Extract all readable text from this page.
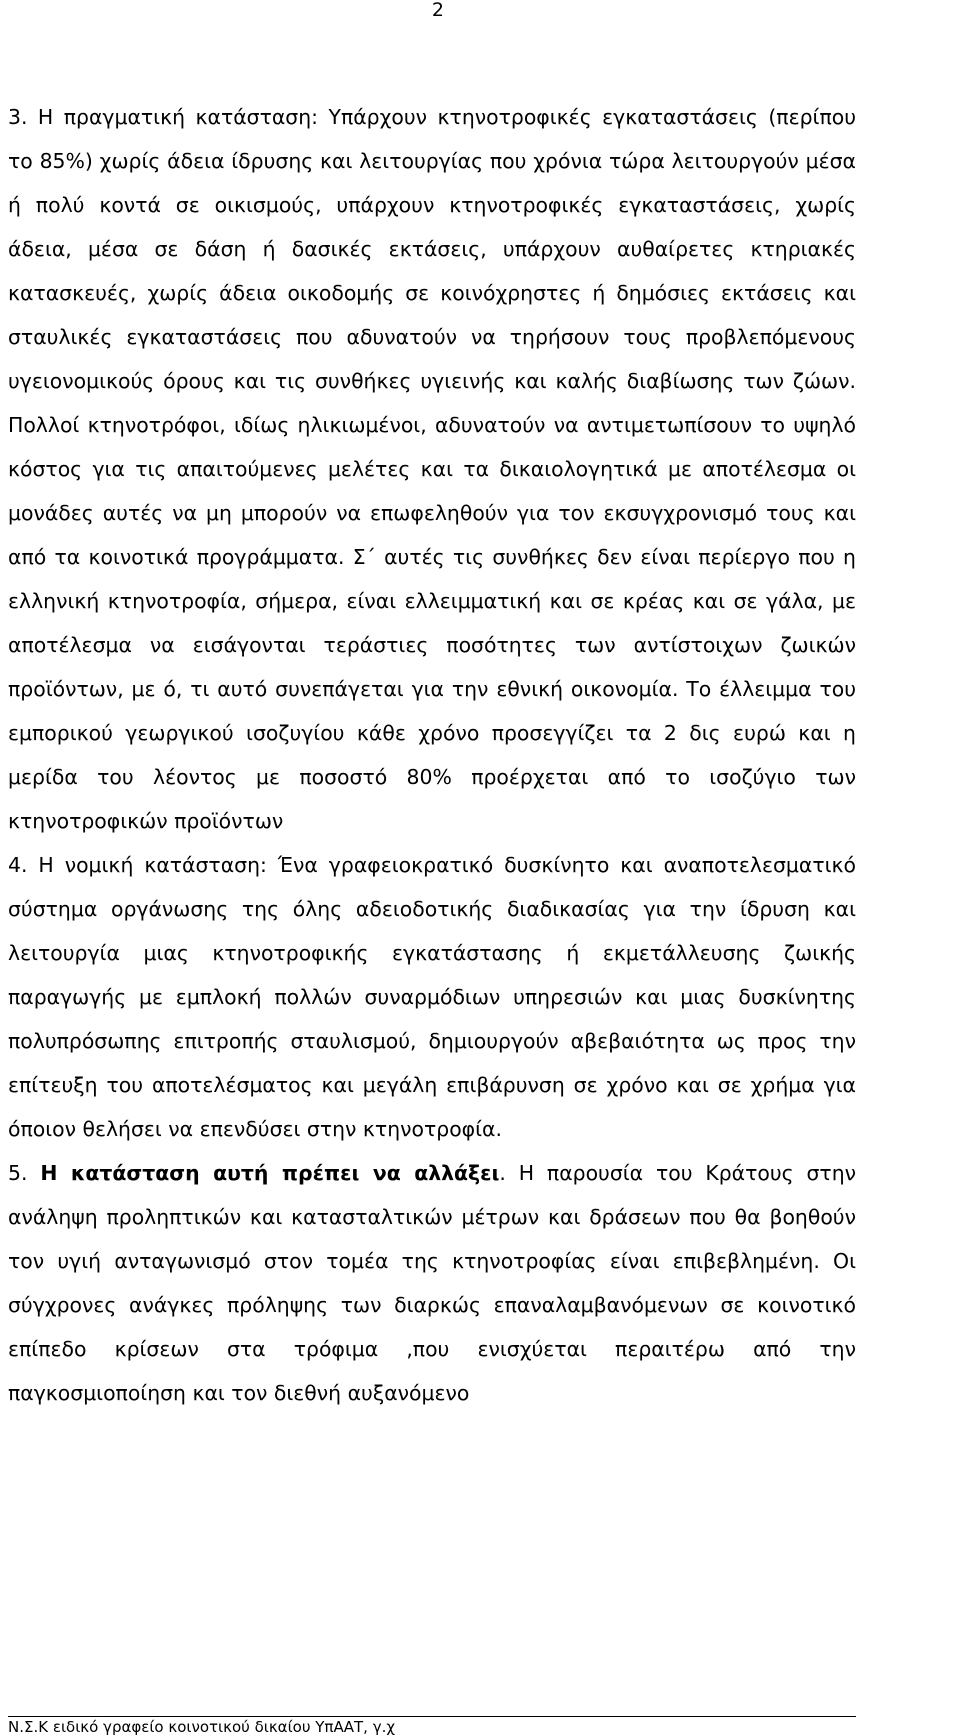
2

3. Η πραγματική κατάσταση: Υπάρχουν κτηνοτροφικές εγκαταστάσεις (περίπου το 85%) χωρίς άδεια ίδρυσης και λειτουργίας που χρόνια τώρα λειτουργούν μέσα ή πολύ κοντά σε οικισμούς, υπάρχουν κτηνοτροφικές εγκαταστάσεις, χωρίς άδεια, μέσα σε δάση ή δασικές εκτάσεις, υπάρχουν αυθαίρετες κτηριακές κατασκευές, χωρίς άδεια οικοδομής σε κοινόχρηστες ή δημόσιες εκτάσεις και σταυλικές εγκαταστάσεις που αδυνατούν να τηρήσουν τους προβλεπόμενους υγειονομικούς όρους και τις συνθήκες υγιεινής και καλής διαβίωσης των ζώων. Πολλοί κτηνοτρόφοι, ιδίως ηλικιωμένοι, αδυνατούν να αντιμετωπίσουν το υψηλό κόστος για τις απαιτούμενες μελέτες και τα δικαιολογητικά με αποτέλεσμα οι μονάδες αυτές να μη μπορούν να επωφεληθούν για τον εκσυγχρονισμό τους και από τα κοινοτικά προγράμματα. Σ΄ αυτές τις συνθήκες δεν είναι περίεργο που η ελληνική κτηνοτροφία, σήμερα, είναι ελλειμματική και σε κρέας και σε γάλα, με αποτέλεσμα να εισάγονται τεράστιες ποσότητες των αντίστοιχων ζωικών προϊόντων, με ό, τι αυτό συνεπάγεται για την εθνική οικονομία. Το έλλειμμα του εμπορικού γεωργικού ισοζυγίου κάθε χρόνο προσεγγίζει τα 2 δις ευρώ και η μερίδα του λέοντος με ποσοστό 80% προέρχεται από το ισοζύγιο των κτηνοτροφικών προϊόντων

4. Η νομική κατάσταση: Ένα γραφειοκρατικό δυσκίνητο και αναποτελεσματικό σύστημα οργάνωσης της όλης αδειοδοτικής διαδικασίας για την ίδρυση και λειτουργία μιας κτηνοτροφικής εγκατάστασης ή εκμετάλλευσης ζωικής παραγωγής με εμπλοκή πολλών συναρμόδιων υπηρεσιών και μιας δυσκίνητης πολυπρόσωπης επιτροπής σταυλισμού, δημιουργούν αβεβαιότητα ως προς την επίτευξη του αποτελέσματος και μεγάλη επιβάρυνση σε χρόνο και σε χρήμα για όποιον θελήσει να επενδύσει στην κτηνοτροφία.

5. Η κατάσταση αυτή πρέπει να αλλάξει. Η παρουσία του Κράτους στην ανάληψη προληπτικών και κατασταλτικών μέτρων και δράσεων που θα βοηθούν τον υγιή ανταγωνισμό στον τομέα της κτηνοτροφίας είναι επιβεβλημένη. Οι σύγχρονες ανάγκες πρόληψης των διαρκώς επαναλαμβανόμενων σε κοινοτικό επίπεδο κρίσεων στα τρόφιμα ,που ενισχύεται περαιτέρω από την παγκοσμιοποίηση και τον διεθνή αυξανόμενο

Ν.Σ.Κ ειδικό γραφείο κοινοτικού δικαίου ΥπΑΑΤ, γ.χ
